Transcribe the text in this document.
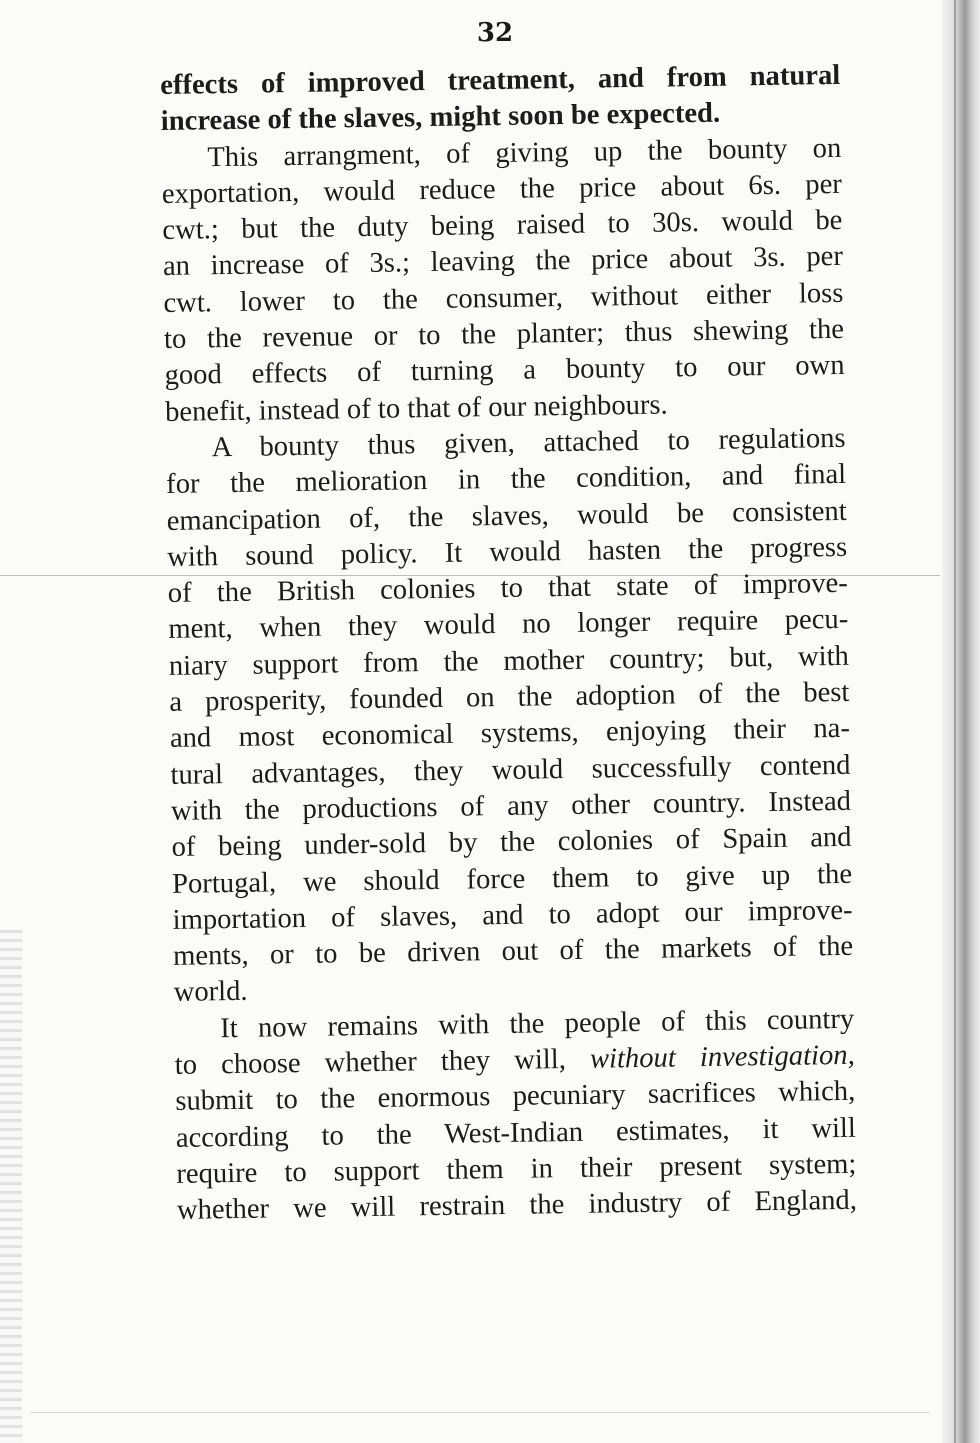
32
effects of improved treatment, and from natural
increase of the slaves, might soon be expected.
This arrangment, of giving up the bounty on
exportation, would reduce the price about 6s. per
cwt.; but the duty being raised to 30s. would be
an increase of 3s.; leaving the price about 3s. per
cwt. lower to the consumer, without either loss
to the revenue or to the planter; thus shewing the
good effects of turning a bounty to our own
benefit, instead of to that of our neighbours.
A bounty thus given, attached to regulations
for the melioration in the condition, and final
emancipation of, the slaves, would be consistent
with sound policy. It would hasten the progress
of the British colonies to that state of improve-
ment, when they would no longer require pecu-
niary support from the mother country; but, with
a prosperity, founded on the adoption of the best
and most economical systems, enjoying their na-
tural advantages, they would successfully contend
with the productions of any other country. Instead
of being under-sold by the colonies of Spain and
Portugal, we should force them to give up the
importation of slaves, and to adopt our improve-
ments, or to be driven out of the markets of the
world.
It now remains with the people of this country
to choose whether they will, without investigation,
submit to the enormous pecuniary sacrifices which,
according to the West-Indian estimates, it will
require to support them in their present system;
whether we will restrain the industry of England,
